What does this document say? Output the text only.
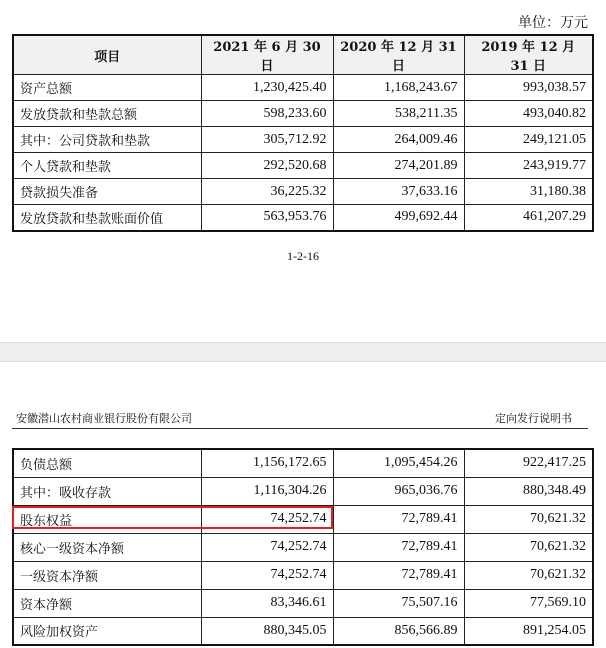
单位：万元
项目	2021 年 6 月 30 日	2020 年 12 月 31 日	2019 年 12 月 31 日
资产总额	1,230,425.40	1,168,243.67	993,038.57
发放贷款和垫款总额	598,233.60	538,211.35	493,040.82
其中：公司贷款和垫款	305,712.92	264,009.46	249,121.05
个人贷款和垫款	292,520.68	274,201.89	243,919.77
贷款损失准备	36,225.32	37,633.16	31,180.38
发放贷款和垫款账面价值	563,953.76	499,692.44	461,207.29
1-2-16
安徽潜山农村商业银行股份有限公司	定向发行说明书
负债总额	1,156,172.65	1,095,454.26	922,417.25
其中：吸收存款	1,116,304.26	965,036.76	880,348.49
股东权益	74,252.74	72,789.41	70,621.32
核心一级资本净额	74,252.74	72,789.41	70,621.32
一级资本净额	74,252.74	72,789.41	70,621.32
资本净额	83,346.61	75,507.16	77,569.10
风险加权资产	880,345.05	856,566.89	891,254.05
